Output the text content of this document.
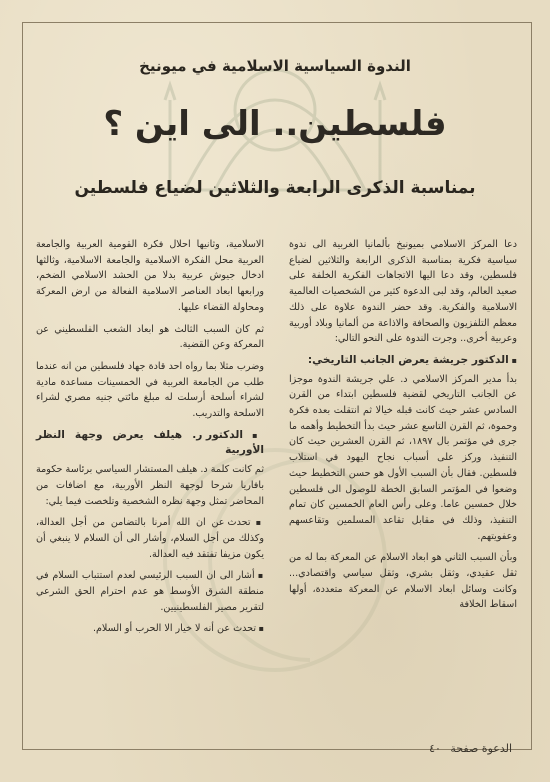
الندوة السياسية الاسلامية في ميونيخ
فلسطين.. الى اين ؟
بمناسبة الذكرى الرابعة والثلاثين لضياع فلسطين

دعا المركز الاسلامي بميونيخ بألمانيا الغربية الى ندوة سياسية فكرية بمناسبة الذكرى الرابعة والثلاثين لضياع فلسطين، وقد دعا اليها الاتجاهات الفكرية الخلفة على صعيد العالم، وقد لبى الدعوة كثير من الشخصيات العالمية الاسلامية والفكرية. وقد حضر الندوة علاوة على ذلك معظم التلفزيون والصحافة والاذاعة من ألمانيا وبلاد أوربية وعربية أخرى.. وجرت الندوة على النحو التالي:

▪ الدكتور جريشة يعرض الجانب التاريخي:

بدأ مدير المركز الاسلامي د. علي جريشة الندوة موجزا عن الجانب التاريخي لقضية فلسطين ابتداء من القرن السادس عشر حيث كانت قبله خيالا ثم انتقلت بعده فكرة وحموة، ثم القرن التاسع عشر حيث بدأ التخطيط وأهمه ما جرى في مؤتمر بال ١٨٩٧، ثم القرن العشرين حيث كان التنفيذ، وركز على أسباب نجاح اليهود في استلاب فلسطين. فقال بأن السبب الأول هو حسن التخطيط حيث وضعوا في المؤتمر السابق الخطة للوصول الى فلسطين خلال خمسين عاما. وعلى رأس العام الخمسين كان تمام التنفيذ، وذلك في مقابل تقاعد المسلمين وتقاعسهم وعفويتهم.

وبأن السبب الثاني هو ابعاد الاسلام عن المعركة بما له من ثقل عقيدي، وثقل بشري، وثقل سياسي واقتصادي... وكانت وسائل ابعاد الاسلام عن المعركة متعددة، أولها اسقاط الخلافة

الاسلامية، وثانيها احلال فكرة القومية العربية والجامعة العربية محل الفكرة الاسلامية والجامعة الاسلامية، وثالثها ادخال جيوش عربية بدلا من الحشد الاسلامي الضخم، ورابعها ابعاد العناصر الاسلامية الفعالة من ارض المعركة ومحاولة القضاء عليها.

ثم كان السبب الثالث هو ابعاد الشعب الفلسطيني عن المعركة وعن القضية.

وضرب مثلا بما رواه احد قادة جهاد فلسطين من انه عندما طلب من الجامعة العربية في الخمسينات مساعدة مادية لشراء أسلحة أرسلت له مبلغ مائتي جنيه مصري لشراء الاسلحة والتدريب.

▪ الدكتور ر. هيلف يعرض وجهة النظر الأوربية

ثم كانت كلمة د. هيلف المستشار السياسي برئاسة حكومة بافاريا شرحا لوجهة النظر الأوربية، مع اضافات من المحاضر تمثل وجهة نظره الشخصية وتلخصت فيما يلي:

▪ تحدث عن ان الله أمرنا بالتضامن من أجل العدالة، وكذلك من أجل السلام، وأشار الى أن السلام لا ينبغي أن يكون مزيفا تفتقد فيه العدالة.

▪ أشار الى ان السبب الرئيسي لعدم استتباب السلام في منطقة الشرق الأوسط هو عدم احترام الحق الشرعي لتقرير مصير الفلسطينيين.

▪ تحدث عن أنه لا خيار الا الحرب أو السلام.

الدعوة صفحة ٤٠
